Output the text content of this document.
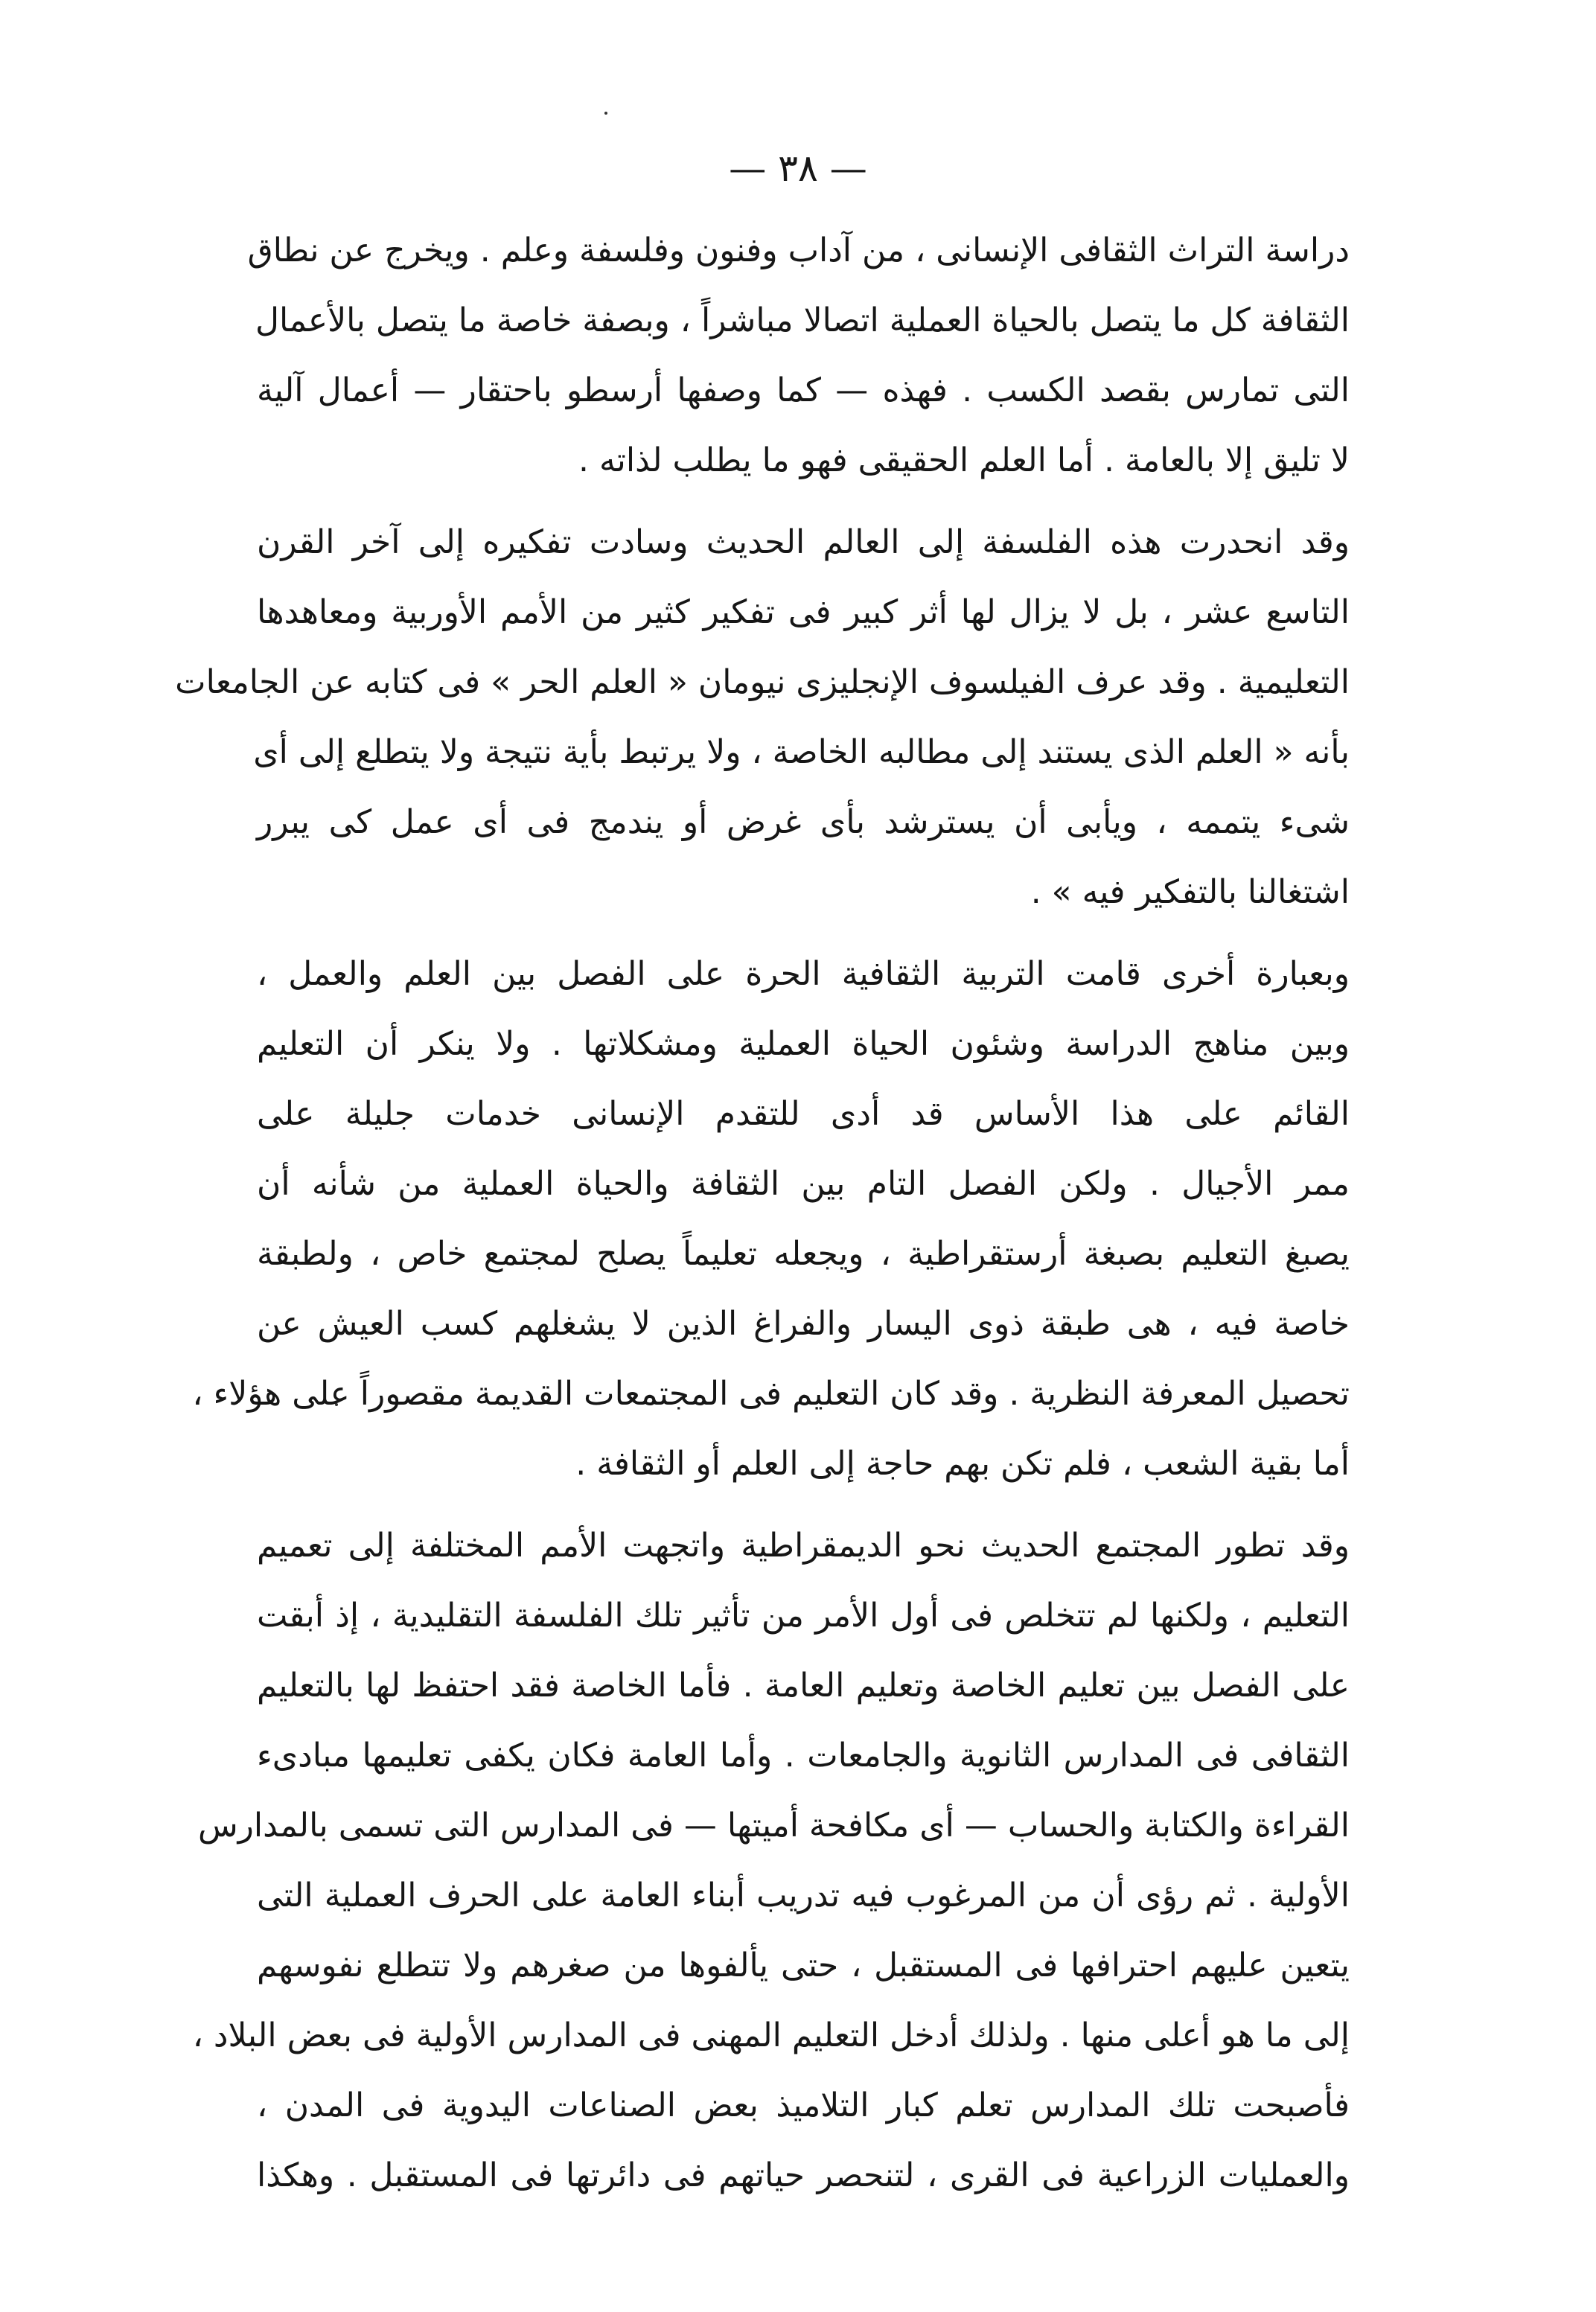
— ٣٨ —
دراسة التراث الثقافى الإنسانى ، من آداب وفنون وفلسفة وعلم . ويخرج عن نطاق
الثقافة كل ما يتصل بالحياة العملية اتصالا مباشراً ، وبصفة خاصة ما يتصل بالأعمال
التى تمارس بقصد الكسب . فهذه — كما وصفها أرسطو باحتقار — أعمال آلية
لا تليق إلا بالعامة . أما العلم الحقيقى فهو ما يطلب لذاته .
وقد انحدرت هذه الفلسفة إلى العالم الحديث وسادت تفكيره إلى آخر القرن
التاسع عشر ، بل لا يزال لها أثر كبير فى تفكير كثير من الأمم الأوربية ومعاهدها
التعليمية . وقد عرف الفيلسوف الإنجليزى نيومان « العلم الحر » فى كتابه عن الجامعات
بأنه « العلم الذى يستند إلى مطالبه الخاصة ، ولا يرتبط بأية نتيجة ولا يتطلع إلى أى
شىء يتممه ، ويأبى أن يسترشد بأى غرض أو يندمج فى أى عمل كى يبرر
اشتغالنا بالتفكير فيه » .
وبعبارة أخرى قامت التربية الثقافية الحرة على الفصل بين العلم والعمل ،
وبين مناهج الدراسة وشئون الحياة العملية ومشكلاتها . ولا ينكر أن التعليم
القائم على هذا الأساس قد أدى للتقدم الإنسانى خدمات جليلة على
ممر الأجيال . ولكن الفصل التام بين الثقافة والحياة العملية من شأنه أن
يصبغ التعليم بصبغة أرستقراطية ، ويجعله تعليماً يصلح لمجتمع خاص ، ولطبقة
خاصة فيه ، هى طبقة ذوى اليسار والفراغ الذين لا يشغلهم كسب العيش عن
تحصيل المعرفة النظرية . وقد كان التعليم فى المجتمعات القديمة مقصوراً على هؤلاء ،
أما بقية الشعب ، فلم تكن بهم حاجة إلى العلم أو الثقافة .
وقد تطور المجتمع الحديث نحو الديمقراطية واتجهت الأمم المختلفة إلى تعميم
التعليم ، ولكنها لم تتخلص فى أول الأمر من تأثير تلك الفلسفة التقليدية ، إذ أبقت
على الفصل بين تعليم الخاصة وتعليم العامة . فأما الخاصة فقد احتفظ لها بالتعليم
الثقافى فى المدارس الثانوية والجامعات . وأما العامة فكان يكفى تعليمها مبادىء
القراءة والكتابة والحساب — أى مكافحة أميتها — فى المدارس التى تسمى بالمدارس
الأولية . ثم رؤى أن من المرغوب فيه تدريب أبناء العامة على الحرف العملية التى
يتعين عليهم احترافها فى المستقبل ، حتى يألفوها من صغرهم ولا تتطلع نفوسهم
إلى ما هو أعلى منها . ولذلك أدخل التعليم المهنى فى المدارس الأولية فى بعض البلاد ،
فأصبحت تلك المدارس تعلم كبار التلاميذ بعض الصناعات اليدوية فى المدن ،
والعمليات الزراعية فى القرى ، لتنحصر حياتهم فى دائرتها فى المستقبل . وهكذا
